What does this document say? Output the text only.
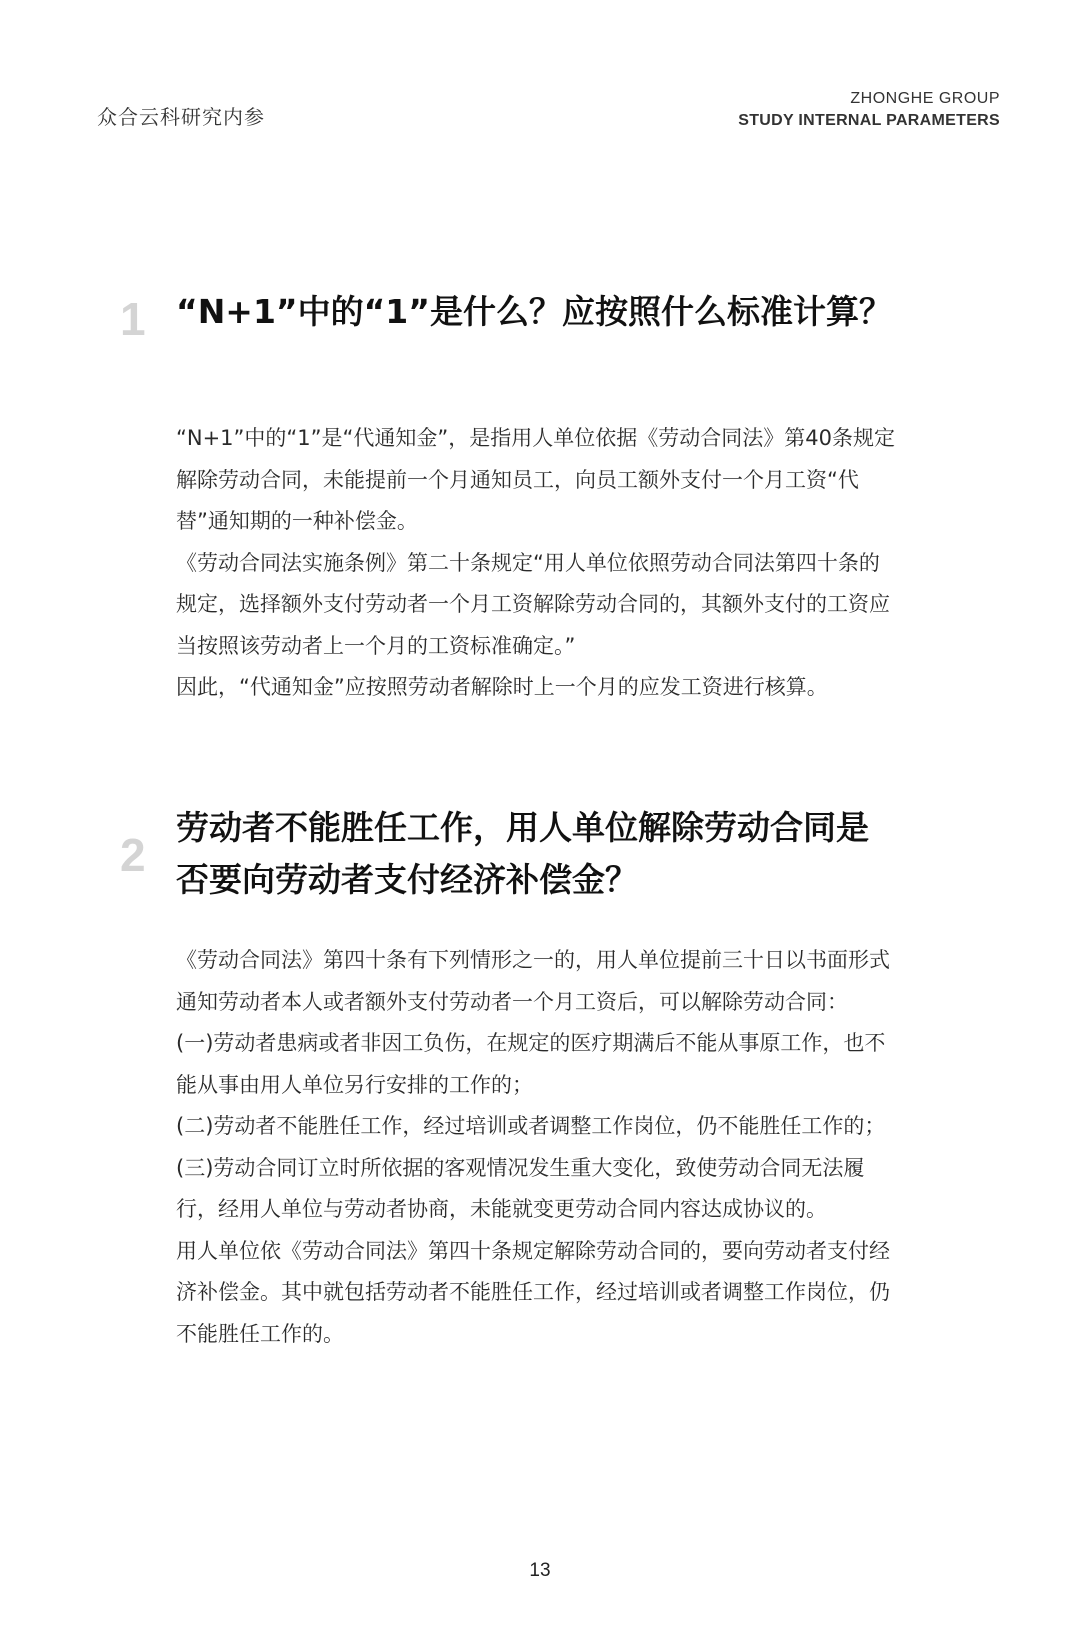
众合云科研究内参

ZHONGHE GROUP
STUDY INTERNAL PARAMETERS
1 “N+1”中的“1”是什么？应按照什么标准计算？

“N+1”中的“1”是“代通知金”，是指用人单位依据《劳动合同法》第40条规定解除劳动合同，未能提前一个月通知员工，向员工额外支付一个月工资“代替”通知期的一种补偿金。

《劳动合同法实施条例》第二十条规定“用人单位依照劳动合同法第四十条的规定，选择额外支付劳动者一个月工资解除劳动合同的，其额外支付的工资应当按照该劳动者上一个月的工资标准确定。”

因此，“代通知金”应按照劳动者解除时上一个月的应发工资进行核算。

2
劳动者不能胜任工作，用人单位解除劳动合同是否要向劳动者支付经济补偿金？

《劳动合同法》第四十条有下列情形之一的，用人单位提前三十日以书面形式通知劳动者本人或者额外支付劳动者一个月工资后，可以解除劳动合同：

(一)劳动者患病或者非因工负伤，在规定的医疗期满后不能从事原工作，也不能从事由用人单位另行安排的工作的；

(二)劳动者不能胜任工作，经过培训或者调整工作岗位，仍不能胜任工作的；

(三)劳动合同订立时所依据的客观情况发生重大变化，致使劳动合同无法履行，经用人单位与劳动者协商，未能就变更劳动合同内容达成协议的。

用人单位依《劳动合同法》第四十条规定解除劳动合同的，要向劳动者支付经济补偿金。其中就包括劳动者不能胜任工作，经过培训或者调整工作岗位，仍不能胜任工作的。

13
